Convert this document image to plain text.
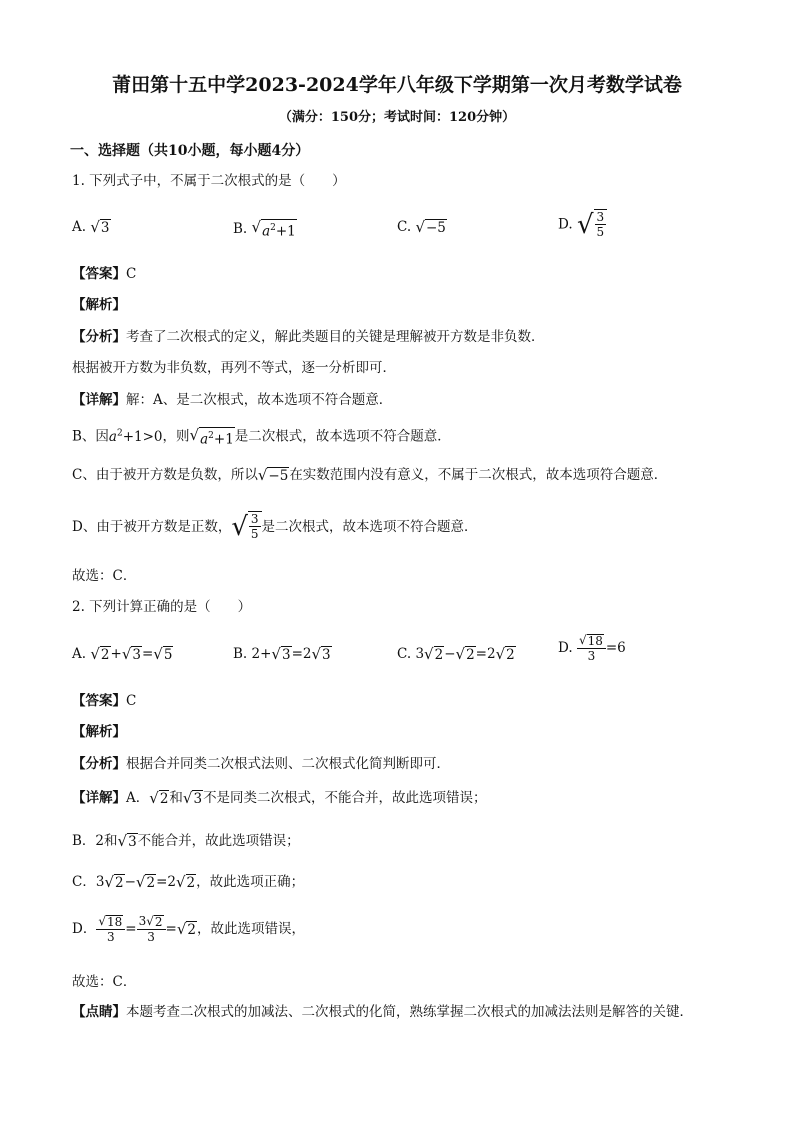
莆田第十五中学2023-2024学年八年级下学期第一次月考数学试卷
（满分：150分；考试时间：120分钟）
一、选择题（共10小题，每小题4分）
1. 下列式子中，不属于二次根式的是（　　）
A. √ 3	B. √ $a^2+1$	C. √ −5	D. √ $\frac{3}{5}$
【答案】C
【解析】
【分析】考查了二次根式的定义，解此类题目的关键是理解被开方数是非负数．
根据被开方数为非负数，再列不等式，逐一分析即可．
【详解】解：A、是二次根式，故本选项不符合题意．
B、因$a^2+1>0$，则 √ $a^2+1$ 是二次根式，故本选项不符合题意．
C、由于被开方数是负数，所以 √ −5 在实数范围内没有意义，不属于二次根式，故本选项符合题意．
D、由于被开方数是正数， √ $\frac{3}{5}$ 是二次根式，故本选项不符合题意．
故选：C．
2. 下列计算正确的是（　　）
A. √ 2 + √ 3 = √ 5	B. 2+ √ 3 =2 √ 3	C. 3 √ 2 − √ 2 =2 √ 2	D. $\frac{√ 18}{3} =6$
【答案】C
【解析】
【分析】根据合并同类二次根式法则、二次根式化简判断即可．
【详解】A． √ 2 和 √ 3 不是同类二次根式，不能合并，故此选项错误；
B．2和 √ 3 不能合并，故此选项错误；
C．3 √ 2 − √ 2 =2 √ 2 ，故此选项正确；
D． $\frac{√ 18}{3} = \frac{3 √ 2}{3}$ = √ 2 ，故此选项错误，
故选：C．
【点睛】本题考查二次根式的加减法、二次根式的化简，熟练掌握二次根式的加减法法则是解答的关键．
